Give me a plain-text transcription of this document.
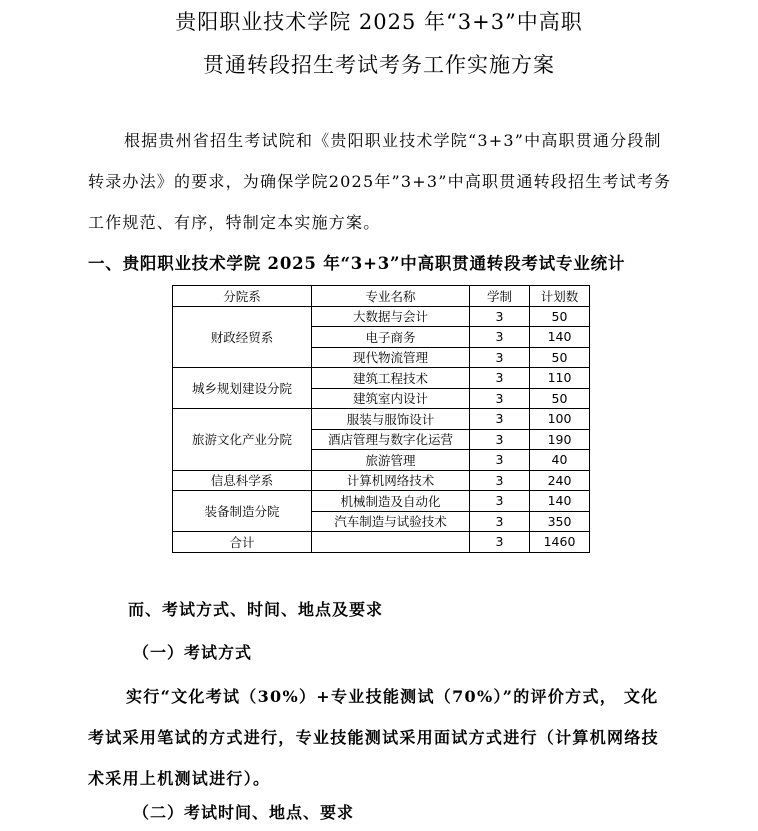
贵阳职业技术学院 2025 年“3+3”中高职
贯通转段招生考试考务工作实施方案
根据贵州省招生考试院和《贵阳职业技术学院“3+3”中高职贯通分段制转录办法》的要求，为确保学院2025年”3+3”中高职贯通转段招生考试考务工作规范、有序，特制定本实施方案。
一、贵阳职业技术学院 2025 年“3+3”中高职贯通转段考试专业统计
分院系	专业名称	学制	计划数
财政经贸系	大数据与会计	3	50
	电子商务	3	140
	现代物流管理	3	50
城乡规划建设分院	建筑工程技术	3	110
	建筑室内设计	3	50
旅游文化产业分院	服装与服饰设计	3	100
	酒店管理与数字化运营	3	190
	旅游管理	3	40
信息科学系	计算机网络技术	3	240
装备制造分院	机械制造及自动化	3	140
	汽车制造与试验技术	3	350
合计		3	1460
而、考试方式、时间、地点及要求
（一）考试方式
实行“文化考试（30%）+专业技能测试（70%）”的评价方式， 文化考试采用笔试的方式进行，专业技能测试采用面试方式进行（计算机网络技术采用上机测试进行）。
（二）考试时间、地点、要求
